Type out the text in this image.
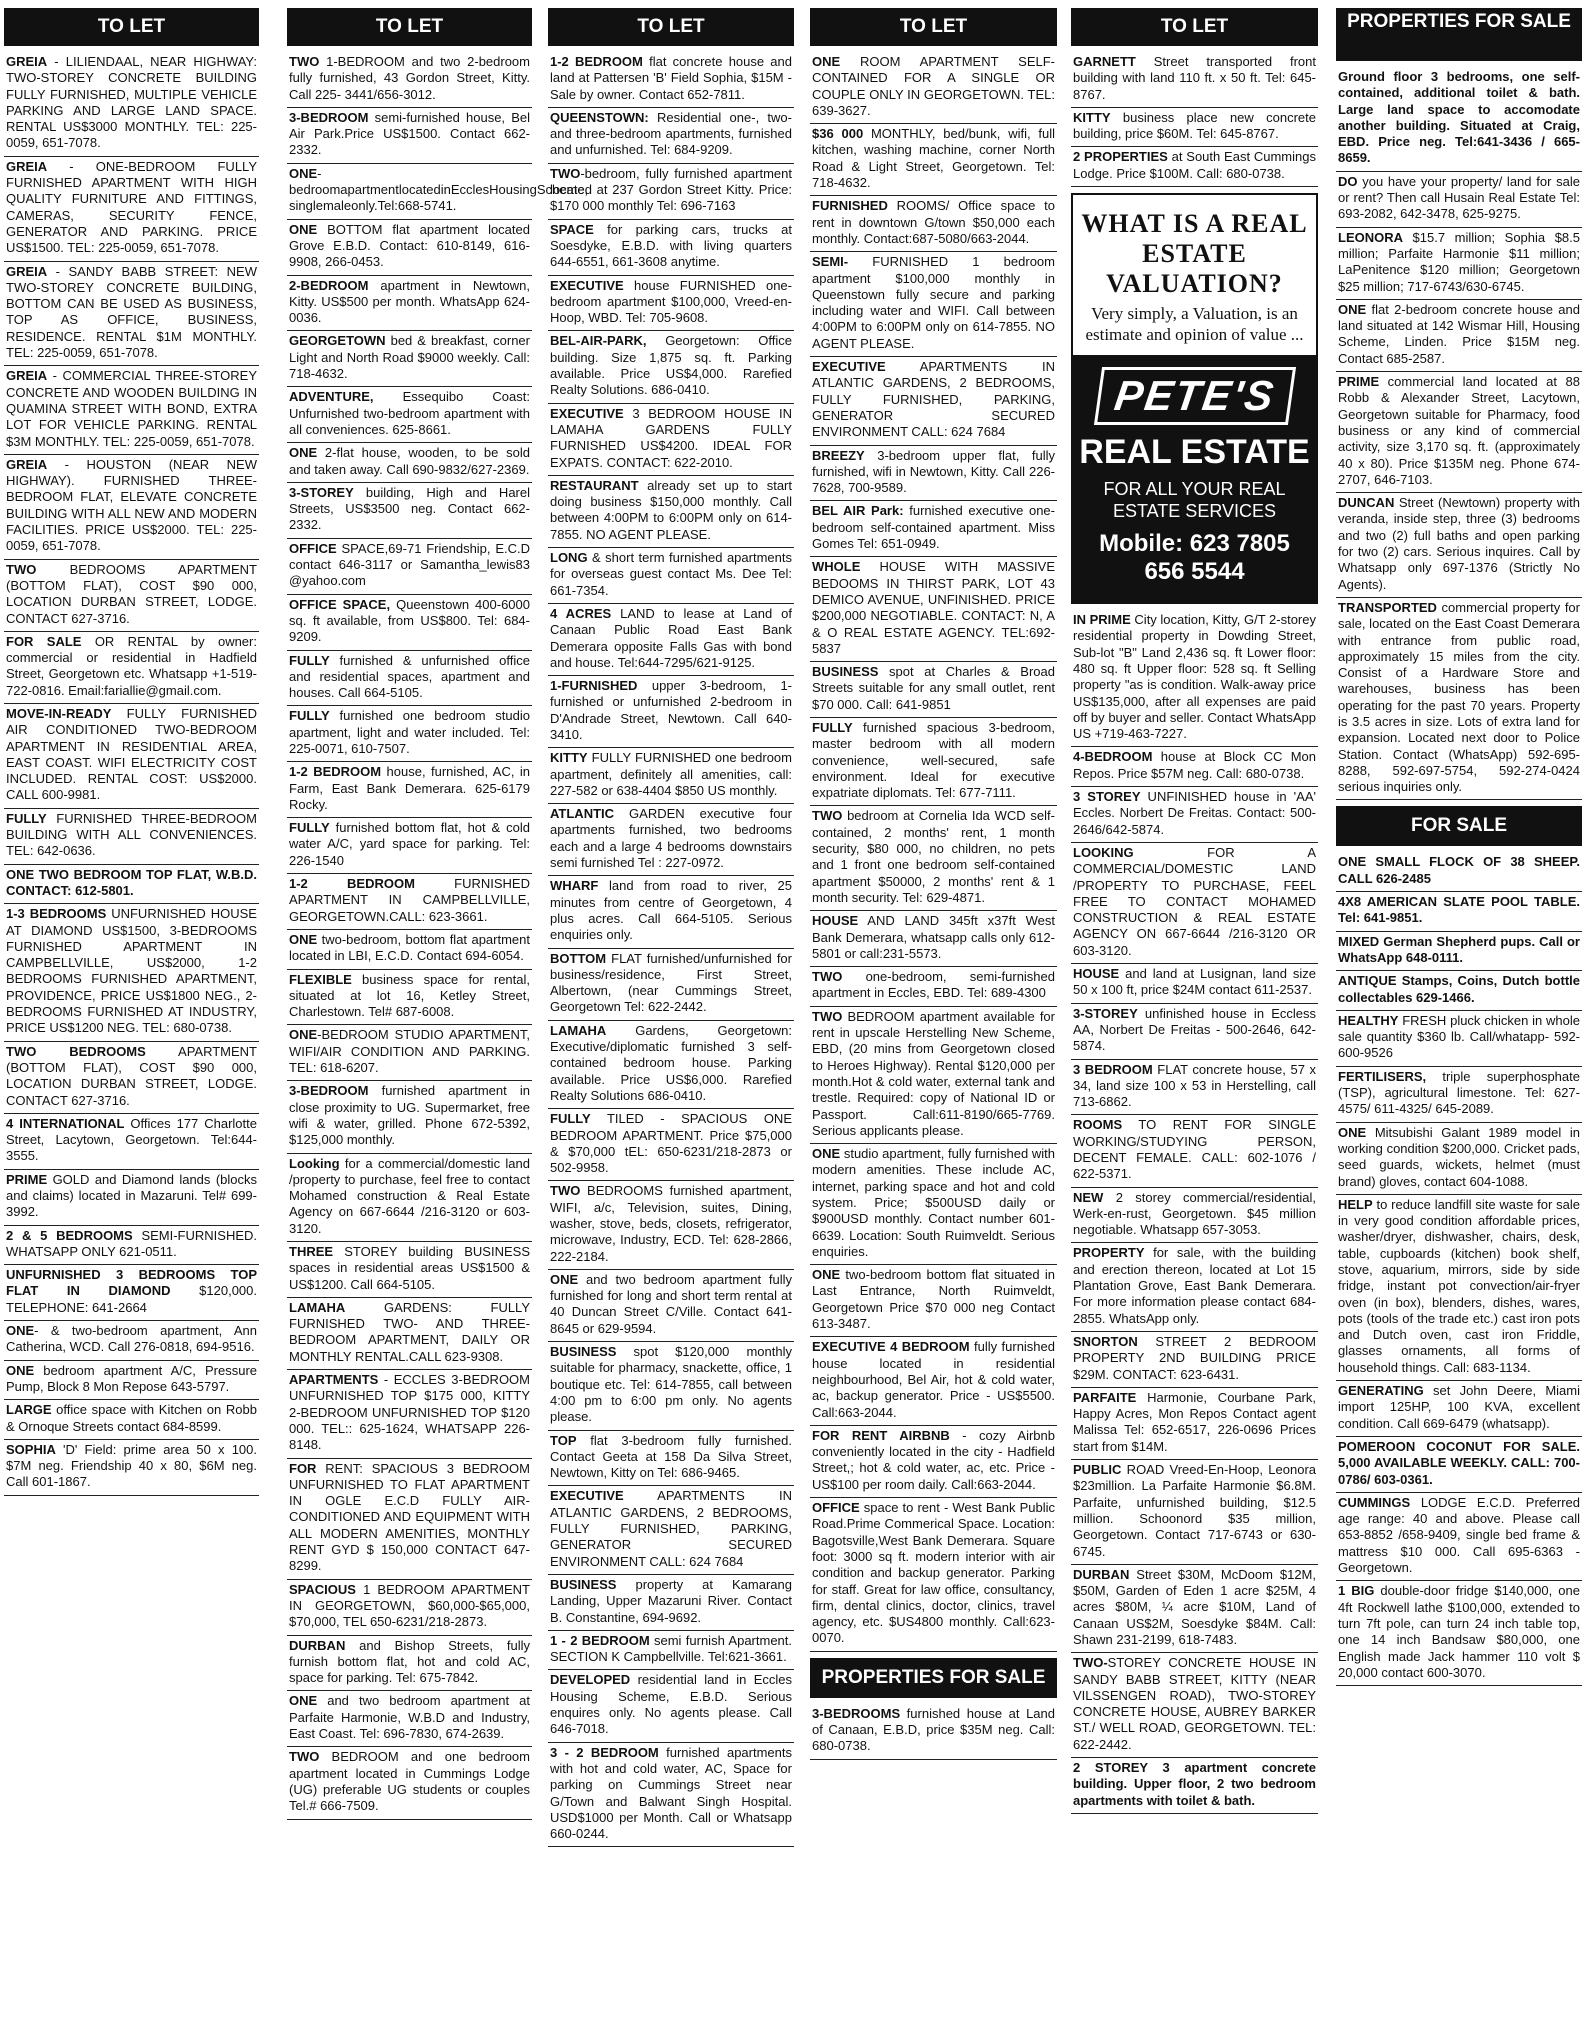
TO LET
GREIA - LILIENDAAL, NEAR HIGHWAY: TWO-STOREY CONCRETE BUILDING FULLY FURNISHED, MULTIPLE VEHICLE PARKING AND LARGE LAND SPACE. RENTAL US$3000 MONTHLY. TEL: 225-0059, 651-7078.
GREIA - ONE-BEDROOM FULLY FURNISHED APARTMENT WITH HIGH QUALITY FURNITURE AND FITTINGS, CAMERAS, SECURITY FENCE, GENERATOR AND PARKING. PRICE US$1500. TEL: 225-0059, 651-7078.
GREIA - SANDY BABB STREET: NEW TWO-STOREY CONCRETE BUILDING, BOTTOM CAN BE USED AS BUSINESS, TOP AS OFFICE, BUSINESS, RESIDENCE. RENTAL $1M MONTHLY. TEL: 225-0059, 651-7078.
GREIA - COMMERCIAL THREE-STOREY CONCRETE AND WOODEN BUILDING IN QUAMINA STREET WITH BOND, EXTRA LOT FOR VEHICLE PARKING. RENTAL $3M MONTHLY. TEL: 225-0059, 651-7078.
GREIA - HOUSTON (NEAR NEW HIGHWAY). FURNISHED THREE-BEDROOM FLAT, ELEVATE CONCRETE BUILDING WITH ALL NEW AND MODERN FACILITIES. PRICE US$2000. TEL: 225-0059, 651-7078.
TWO BEDROOMS APARTMENT (BOTTOM FLAT), COST $90 000, LOCATION DURBAN STREET, LODGE. CONTACT 627-3716.
FOR SALE OR RENTAL by owner: commercial or residential in Hadfield Street, Georgetown etc. Whatsapp +1-519-722-0816. Email:fariallie@gmail.com.
MOVE-IN-READY FULLY FURNISHED AIR CONDITIONED TWO-BEDROOM APARTMENT IN RESIDENTIAL AREA, EAST COAST. WIFI ELECTRICITY COST INCLUDED. RENTAL COST: US$2000. CALL 600-9981.
FULLY FURNISHED THREE-BEDROOM BUILDING WITH ALL CONVENIENCES. TEL: 642-0636.
ONE TWO BEDROOM TOP FLAT, W.B.D. CONTACT: 612-5801.
1-3 BEDROOMS UNFURNISHED HOUSE AT DIAMOND US$1500, 3-BEDROOMS FURNISHED APARTMENT IN CAMPBELLVILLE, US$2000, 1-2 BEDROOMS FURNISHED APARTMENT, PROVIDENCE, PRICE US$1800 NEG., 2-BEDROOMS FURNISHED AT INDUSTRY, PRICE US$1200 NEG. TEL: 680-0738.
TWO BEDROOMS APARTMENT (BOTTOM FLAT), COST $90 000, LOCATION DURBAN STREET, LODGE. CONTACT 627-3716.
4 INTERNATIONAL Offices 177 Charlotte Street, Lacytown, Georgetown. Tel:644-3555.
PRIME GOLD and Diamond lands (blocks and claims) located in Mazaruni. Tel# 699-3992.
2 & 5 BEDROOMS SEMI-FURNISHED. WHATSAPP ONLY 621-0511.
UNFURNISHED 3 BEDROOMS TOP FLAT IN DIAMOND $120,000. TELEPHONE: 641-2664
ONE- & two-bedroom apartment, Ann Catherina, WCD. Call 276-0818, 694-9516.
ONE bedroom apartment A/C, Pressure Pump, Block 8 Mon Repose 643-5797.
LARGE office space with Kitchen on Robb & Ornoque Streets contact 684-8599.
SOPHIA 'D' Field: prime area 50 x 100. $7M neg. Friendship 40 x 80, $6M neg. Call 601-1867.
TO LET
TWO 1-BEDROOM and two 2-bedroom fully furnished, 43 Gordon Street, Kitty. Call 225- 3441/656-3012.
3-BEDROOM semi-furnished house, Bel Air Park.Price US$1500. Contact 662-2332.
ONE-bedroomapartmentlocatedinEcclesHousingScheme, singlemaleonly.Tel:668-5741.
ONE BOTTOM flat apartment located Grove E.B.D. Contact: 610-8149, 616-9908, 266-0453.
2-BEDROOM apartment in Newtown, Kitty. US$500 per month. WhatsApp 624-0036.
GEORGETOWN bed & breakfast, corner Light and North Road $9000 weekly. Call: 718-4632.
ADVENTURE, Essequibo Coast: Unfurnished two-bedroom apartment with all conveniences. 625-8661.
ONE 2-flat house, wooden, to be sold and taken away. Call 690-9832/627-2369.
3-STOREY building, High and Harel Streets, US$3500 neg. Contact 662-2332.
OFFICE SPACE,69-71 Friendship, E.C.D contact 646-3117 or Samantha_lewis83 @yahoo.com
OFFICE SPACE, Queenstown 400-6000 sq. ft available, from US$800. Tel: 684-9209.
FULLY furnished & unfurnished office and residential spaces, apartment and houses. Call 664-5105.
FULLY furnished one bedroom studio apartment, light and water included. Tel: 225-0071, 610-7507.
1-2 BEDROOM house, furnished, AC, in Farm, East Bank Demerara. 625-6179 Rocky.
FULLY furnished bottom flat, hot & cold water A/C, yard space for parking. Tel: 226-1540
1-2 BEDROOM FURNISHED APARTMENT IN CAMPBELLVILLE, GEORGETOWN.CALL: 623-3661.
ONE two-bedroom, bottom flat apartment located in LBI, E.C.D. Contact 694-6054.
FLEXIBLE business space for rental, situated at lot 16, Ketley Street, Charlestown. Tel# 687-6008.
ONE-BEDROOM STUDIO APARTMENT, WIFI/AIR CONDITION AND PARKING. TEL: 618-6207.
3-BEDROOM furnished apartment in close proximity to UG. Supermarket, free wifi & water, grilled. Phone 672-5392, $125,000 monthly.
Looking for a commercial/domestic land /property to purchase, feel free to contact Mohamed construction & Real Estate Agency on 667-6644 /216-3120 or 603-3120.
THREE STOREY building BUSINESS spaces in residential areas US$1500 & US$1200. Call 664-5105.
LAMAHA GARDENS: FULLY FURNISHED TWO- AND THREE-BEDROOM APARTMENT, DAILY OR MONTHLY RENTAL.CALL 623-9308.
APARTMENTS - ECCLES 3-BEDROOM UNFURNISHED TOP $175 000, KITTY 2-BEDROOM UNFURNISHED TOP $120 000. TEL:: 625-1624, WHATSAPP 226-8148.
FOR RENT: SPACIOUS 3 BEDROOM UNFURNISHED TO FLAT APARTMENT IN OGLE E.C.D FULLY AIR-CONDITIONED AND EQUIPMENT WITH ALL MODERN AMENITIES, MONTHLY RENT GYD $ 150,000 CONTACT 647-8299.
SPACIOUS 1 BEDROOM APARTMENT IN GEORGETOWN, $60,000-$65,000, $70,000, TEL 650-6231/218-2873.
DURBAN and Bishop Streets, fully furnish bottom flat, hot and cold AC, space for parking. Tel: 675-7842.
ONE and two bedroom apartment at Parfaite Harmonie, W.B.D and Industry, East Coast. Tel: 696-7830, 674-2639.
TWO BEDROOM and one bedroom apartment located in Cummings Lodge (UG) preferable UG students or couples Tel.# 666-7509.
TO LET
1-2 BEDROOM flat concrete house and land at Pattersen 'B' Field Sophia, $15M - Sale by owner. Contact 652-7811.
QUEENSTOWN: Residential one-, two- and three-bedroom apartments, furnished and unfurnished. Tel: 684-9209.
TWO-bedroom, fully furnished apartment located at 237 Gordon Street Kitty. Price: $170 000 monthly Tel: 696-7163
SPACE for parking cars, trucks at Soesdyke, E.B.D. with living quarters 644-6551, 661-3608 anytime.
EXECUTIVE house FURNISHED one-bedroom apartment $100,000, Vreed-en-Hoop, WBD. Tel: 705-9608.
BEL-AIR-PARK, Georgetown: Office building. Size 1,875 sq. ft. Parking available. Price US$4,000. Rarefied Realty Solutions. 686-0410.
EXECUTIVE 3 BEDROOM HOUSE IN LAMAHA GARDENS FULLY FURNISHED US$4200. IDEAL FOR EXPATS. CONTACT: 622-2010.
RESTAURANT already set up to start doing business $150,000 monthly. Call between 4:00PM to 6:00PM only on 614-7855. NO AGENT PLEASE.
LONG & short term furnished apartments for overseas guest contact Ms. Dee Tel: 661-7354.
4 ACRES LAND to lease at Land of Canaan Public Road East Bank Demerara opposite Falls Gas with bond and house. Tel:644-7295/621-9125.
1-FURNISHED upper 3-bedroom, 1-furnished or unfurnished 2-bedroom in D'Andrade Street, Newtown. Call 640-3410.
KITTY FULLY FURNISHED one bedroom apartment, definitely all amenities, call: 227-582 or 638-4404 $850 US monthly.
ATLANTIC GARDEN executive four apartments furnished, two bedrooms each and a large 4 bedrooms downstairs semi furnished Tel : 227-0972.
WHARF land from road to river, 25 minutes from centre of Georgetown, 4 plus acres. Call 664-5105. Serious enquiries only.
BOTTOM FLAT furnished/unfurnished for business/residence, First Street, Albertown, (near Cummings Street, Georgetown Tel: 622-2442.
LAMAHA Gardens, Georgetown: Executive/diplomatic furnished 3 self-contained bedroom house. Parking available. Price US$6,000. Rarefied Realty Solutions 686-0410.
FULLY TILED - SPACIOUS ONE BEDROOM APARTMENT. Price $75,000 & $70,000 tEL: 650-6231/218-2873 or 502-9958.
TWO BEDROOMS furnished apartment, WIFI, a/c, Television, suites, Dining, washer, stove, beds, closets, refrigerator, microwave, Industry, ECD. Tel: 628-2866, 222-2184.
ONE and two bedroom apartment fully furnished for long and short term rental at 40 Duncan Street C/Ville. Contact 641-8645 or 629-9594.
BUSINESS spot $120,000 monthly suitable for pharmacy, snackette, office, 1 boutique etc. Tel: 614-7855, call between 4:00 pm to 6:00 pm only. No agents please.
TOP flat 3-bedroom fully furnished. Contact Geeta at 158 Da Silva Street, Newtown, Kitty on Tel: 686-9465.
EXECUTIVE APARTMENTS IN ATLANTIC GARDENS, 2 BEDROOMS, FULLY FURNISHED, PARKING, GENERATOR SECURED ENVIRONMENT CALL: 624 7684
BUSINESS property at Kamarang Landing, Upper Mazaruni River. Contact B. Constantine, 694-9692.
1 - 2 BEDROOM semi furnish Apartment. SECTION K Campbellville. Tel:621-3661.
DEVELOPED residential land in Eccles Housing Scheme, E.B.D. Serious enquires only. No agents please. Call 646-7018.
3 - 2 BEDROOM furnished apartments with hot and cold water, AC, Space for parking on Cummings Street near G/Town and Balwant Singh Hospital. USD$1000 per Month. Call or Whatsapp 660-0244.
TO LET
ONE ROOM APARTMENT SELF-CONTAINED FOR A SINGLE OR COUPLE ONLY IN GEORGETOWN. TEL: 639-3627.
$36 000 MONTHLY, bed/bunk, wifi, full kitchen, washing machine, corner North Road & Light Street, Georgetown. Tel: 718-4632.
FURNISHED ROOMS/ Office space to rent in downtown G/town $50,000 each monthly. Contact:687-5080/663-2044.
SEMI- FURNISHED 1 bedroom apartment $100,000 monthly in Queenstown fully secure and parking including water and WIFI. Call between 4:00PM to 6:00PM only on 614-7855. NO AGENT PLEASE.
EXECUTIVE APARTMENTS IN ATLANTIC GARDENS, 2 BEDROOMS, FULLY FURNISHED, PARKING, GENERATOR SECURED ENVIRONMENT CALL: 624 7684
BREEZY 3-bedroom upper flat, fully furnished, wifi in Newtown, Kitty. Call 226-7628, 700-9589.
BEL AIR Park: furnished executive one-bedroom self-contained apartment. Miss Gomes Tel: 651-0949.
WHOLE HOUSE WITH MASSIVE BEDOOMS IN THIRST PARK, LOT 43 DEMICO AVENUE, UNFINISHED. PRICE $200,000 NEGOTIABLE. CONTACT: N, A & O REAL ESTATE AGENCY. TEL:692-5837
BUSINESS spot at Charles & Broad Streets suitable for any small outlet, rent $70 000. Call: 641-9851
FULLY furnished spacious 3-bedroom, master bedroom with all modern convenience, well-secured, safe environment. Ideal for executive expatriate diplomats. Tel: 677-7111.
TWO bedroom at Cornelia Ida WCD self-contained, 2 months' rent, 1 month security, $80 000, no children, no pets and 1 front one bedroom self-contained apartment $50000, 2 months' rent & 1 month security. Tel: 629-4871.
HOUSE AND LAND 345ft x37ft West Bank Demerara, whatsapp calls only 612-5801 or call:231-5573.
TWO one-bedroom, semi-furnished apartment in Eccles, EBD. Tel: 689-4300
TWO BEDROOM apartment available for rent in upscale Herstelling New Scheme, EBD, (20 mins from Georgetown closed to Heroes Highway). Rental $120,000 per month.Hot & cold water, external tank and trestle. Required: copy of National ID or Passport. Call:611-8190/665-7769. Serious applicants please.
ONE studio apartment, fully furnished with modern amenities. These include AC, internet, parking space and hot and cold system. Price; $500USD daily or $900USD monthly. Contact number 601-6639. Location: South Ruimveldt. Serious enquiries.
ONE two-bedroom bottom flat situated in Last Entrance, North Ruimveldt, Georgetown Price $70 000 neg Contact 613-3487.
EXECUTIVE 4 BEDROOM fully furnished house located in residential neighbourhood, Bel Air, hot & cold water, ac, backup generator. Price - US$5500. Call:663-2044.
FOR RENT AIRBNB - cozy Airbnb conveniently located in the city - Hadfield Street,; hot & cold water, ac, etc. Price - US$100 per room daily. Call:663-2044.
OFFICE space to rent - West Bank Public Road.Prime Commerical Space. Location: Bagotsville,West Bank Demerara. Square foot: 3000 sq ft. modern interior with air condition and backup generator. Parking for staff. Great for law office, consultancy, firm, dental clinics, doctor, clinics, travel agency, etc. $US4800 monthly. Call:623-0070.
PROPERTIES FOR SALE
3-BEDROOMS furnished house at Land of Canaan, E.B.D, price $35M neg. Call: 680-0738.
TO LET
GARNETT Street transported front building with land 110 ft. x 50 ft. Tel: 645-8767.
KITTY business place new concrete building, price $60M. Tel: 645-8767.
2 PROPERTIES at South East Cummings Lodge. Price $100M. Call: 680-0738.
WHAT IS A REAL ESTATE VALUATION?
Very simply, a Valuation, is an estimate and opinion of value ...
PETE'S
REAL ESTATE
FOR ALL YOUR REAL ESTATE SERVICES
Mobile: 623 7805 656 5544
IN PRIME City location, Kitty, G/T 2-storey residential property in Dowding Street, Sub-lot "B" Land 2,436 sq. ft Lower floor: 480 sq. ft Upper floor: 528 sq. ft Selling property "as is condition. Walk-away price US$135,000, after all expenses are paid off by buyer and seller. Contact WhatsApp US +719-463-7227.
4-BEDROOM house at Block CC Mon Repos. Price $57M neg. Call: 680-0738.
3 STOREY UNFINISHED house in 'AA' Eccles. Norbert De Freitas. Contact: 500-2646/642-5874.
LOOKING FOR A COMMERCIAL/DOMESTIC LAND /PROPERTY TO PURCHASE, FEEL FREE TO CONTACT MOHAMED CONSTRUCTION & REAL ESTATE AGENCY ON 667-6644 /216-3120 OR 603-3120.
HOUSE and land at Lusignan, land size 50 x 100 ft, price $24M contact 611-2537.
3-STOREY unfinished house in Eccless AA, Norbert De Freitas - 500-2646, 642-5874.
3 BEDROOM FLAT concrete house, 57 x 34, land size 100 x 53 in Herstelling, call 713-6862.
ROOMS TO RENT FOR SINGLE WORKING/STUDYING PERSON, DECENT FEMALE. CALL: 602-1076 / 622-5371.
NEW 2 storey commercial/residential, Werk-en-rust, Georgetown. $45 million negotiable. Whatsapp 657-3053.
PROPERTY for sale, with the building and erection thereon, located at Lot 15 Plantation Grove, East Bank Demerara. For more information please contact 684-2855. WhatsApp only.
SNORTON STREET 2 BEDROOM PROPERTY 2ND BUILDING PRICE $29M. CONTACT: 623-6431.
PARFAITE Harmonie, Courbane Park, Happy Acres, Mon Repos Contact agent Malissa Tel: 652-6517, 226-0696 Prices start from $14M.
PUBLIC ROAD Vreed-En-Hoop, Leonora $23million. La Parfaite Harmonie $6.8M. Parfaite, unfurnished building, $12.5 million. Schoonord $35 million, Georgetown. Contact 717-6743 or 630-6745.
DURBAN Street $30M, McDoom $12M, $50M, Garden of Eden 1 acre $25M, 4 acres $80M, ¼ acre $10M, Land of Canaan US$2M, Soesdyke $84M. Call: Shawn 231-2199, 618-7483.
TWO-STOREY CONCRETE HOUSE IN SANDY BABB STREET, KITTY (NEAR VILSSENGEN ROAD), TWO-STOREY CONCRETE HOUSE, AUBREY BARKER ST./ WELL ROAD, GEORGETOWN. TEL: 622-2442.
2 STOREY 3 apartment concrete building. Upper floor, 2 two bedroom apartments with toilet & bath.
PROPERTIES FOR SALE
Ground floor 3 bedrooms, one self-contained, additional toilet & bath. Large land space to accomodate another building. Situated at Craig, EBD. Price neg. Tel:641-3436 / 665-8659.
DO you have your property/ land for sale or rent? Then call Husain Real Estate Tel: 693-2082, 642-3478, 625-9275.
LEONORA $15.7 million; Sophia $8.5 million; Parfaite Harmonie $11 million; LaPenitence $120 million; Georgetown $25 million; 717-6743/630-6745.
ONE flat 2-bedroom concrete house and land situated at 142 Wismar Hill, Housing Scheme, Linden. Price $15M neg. Contact 685-2587.
PRIME commercial land located at 88 Robb & Alexander Street, Lacytown, Georgetown suitable for Pharmacy, food business or any kind of commercial activity, size 3,170 sq. ft. (approximately 40 x 80). Price $135M neg. Phone 674-2707, 646-7103.
DUNCAN Street (Newtown) property with veranda, inside step, three (3) bedrooms and two (2) full baths and open parking for two (2) cars. Serious inquires. Call by Whatsapp only 697-1376 (Strictly No Agents).
TRANSPORTED commercial property for sale, located on the East Coast Demerara with entrance from public road, approximately 15 miles from the city. Consist of a Hardware Store and warehouses, business has been operating for the past 70 years. Property is 3.5 acres in size. Lots of extra land for expansion. Located next door to Police Station. Contact (WhatsApp) 592-695-8288, 592-697-5754, 592-274-0424 serious inquiries only.
FOR SALE
ONE SMALL FLOCK OF 38 SHEEP. CALL 626-2485
4X8 AMERICAN SLATE POOL TABLE. Tel: 641-9851.
MIXED German Shepherd pups. Call or WhatsApp 648-0111.
ANTIQUE Stamps, Coins, Dutch bottle collectables 629-1466.
HEALTHY FRESH pluck chicken in whole sale quantity $360 lb. Call/whatapp- 592-600-9526
FERTILISERS, triple superphosphate (TSP), agricultural limestone. Tel: 627-4575/ 611-4325/ 645-2089.
ONE Mitsubishi Galant 1989 model in working condition $200,000. Cricket pads, seed guards, wickets, helmet (must brand) gloves, contact 604-1088.
HELP to reduce landfill site waste for sale in very good condition affordable prices, washer/dryer, dishwasher, chairs, desk, table, cupboards (kitchen) book shelf, stove, aquarium, mirrors, side by side fridge, instant pot convection/air-fryer oven (in box), blenders, dishes, wares, pots (tools of the trade etc.) cast iron pots and Dutch oven, cast iron Friddle, glasses ornaments, all forms of household things. Call: 683-1134.
GENERATING set John Deere, Miami import 125HP, 100 KVA, excellent condition. Call 669-6479 (whatsapp).
POMEROON COCONUT FOR SALE. 5,000 AVAILABLE WEEKLY. CALL: 700-0786/ 603-0361.
CUMMINGS LODGE E.C.D. Preferred age range: 40 and above. Please call 653-8852 /658-9409, single bed frame & mattress $10 000. Call 695-6363 - Georgetown.
1 BIG double-door fridge $140,000, one 4ft Rockwell lathe $100,000, extended to turn 7ft pole, can turn 24 inch table top, one 14 inch Bandsaw $80,000, one English made Jack hammer 110 volt $ 20,000 contact 600-3070.
